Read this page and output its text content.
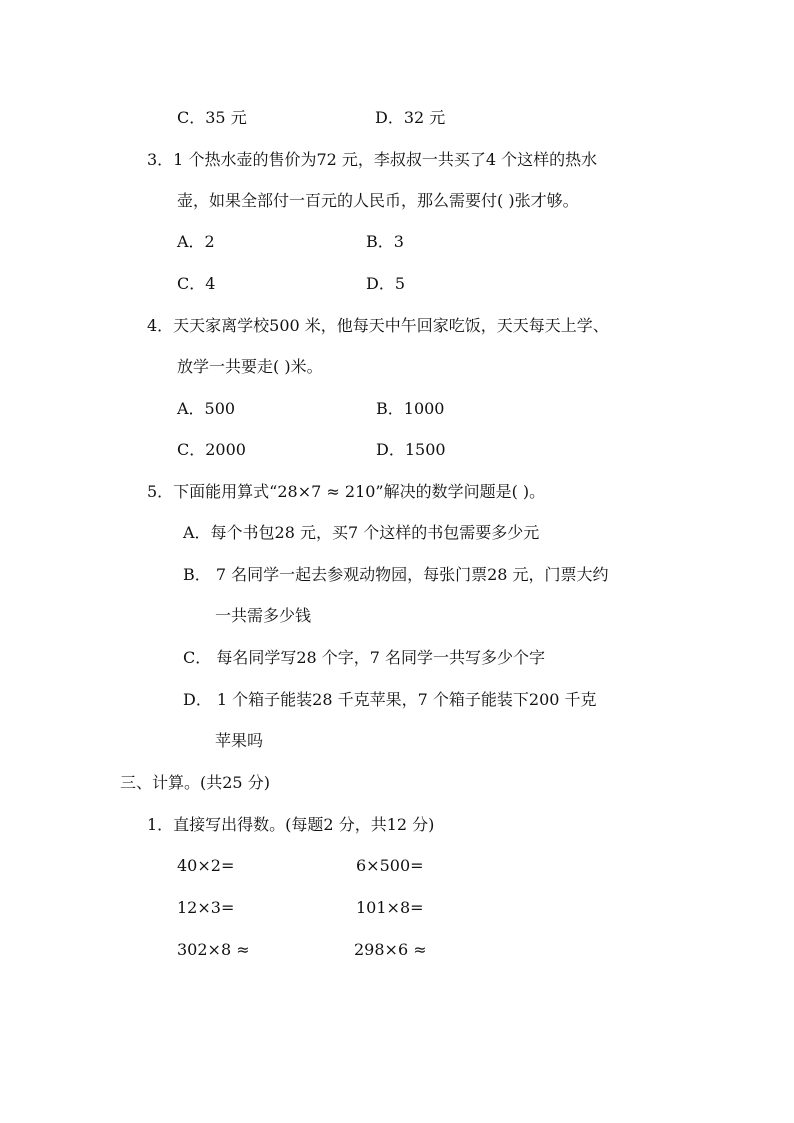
C．35 元	D．32 元
3．1 个热水壶的售价为72 元，李叔叔一共买了4 个这样的热水
壶，如果全部付一百元的人民币，那么需要付( )张才够。
A．2	B．3
C．4	D．5
4．天天家离学校500 米，他每天中午回家吃饭，天天每天上学、
放学一共要走( )米。
A．500	B．1000
C．2000	D．1500
5．下面能用算式“28×7 ≈ 210”解决的数学问题是( )。
A．每个书包28 元，买7 个这样的书包需要多少元
B． 7 名同学一起去参观动物园，每张门票28 元，门票大约
一共需多少钱
C． 每名同学写28 个字，7 名同学一共写多少个字
D． 1 个箱子能装28 千克苹果，7 个箱子能装下200 千克
苹果吗
三、计算。(共25 分)
1．直接写出得数。(每题2 分，共12 分)
40×2=	6×500=
12×3=	101×8=
302×8 ≈	298×6 ≈
